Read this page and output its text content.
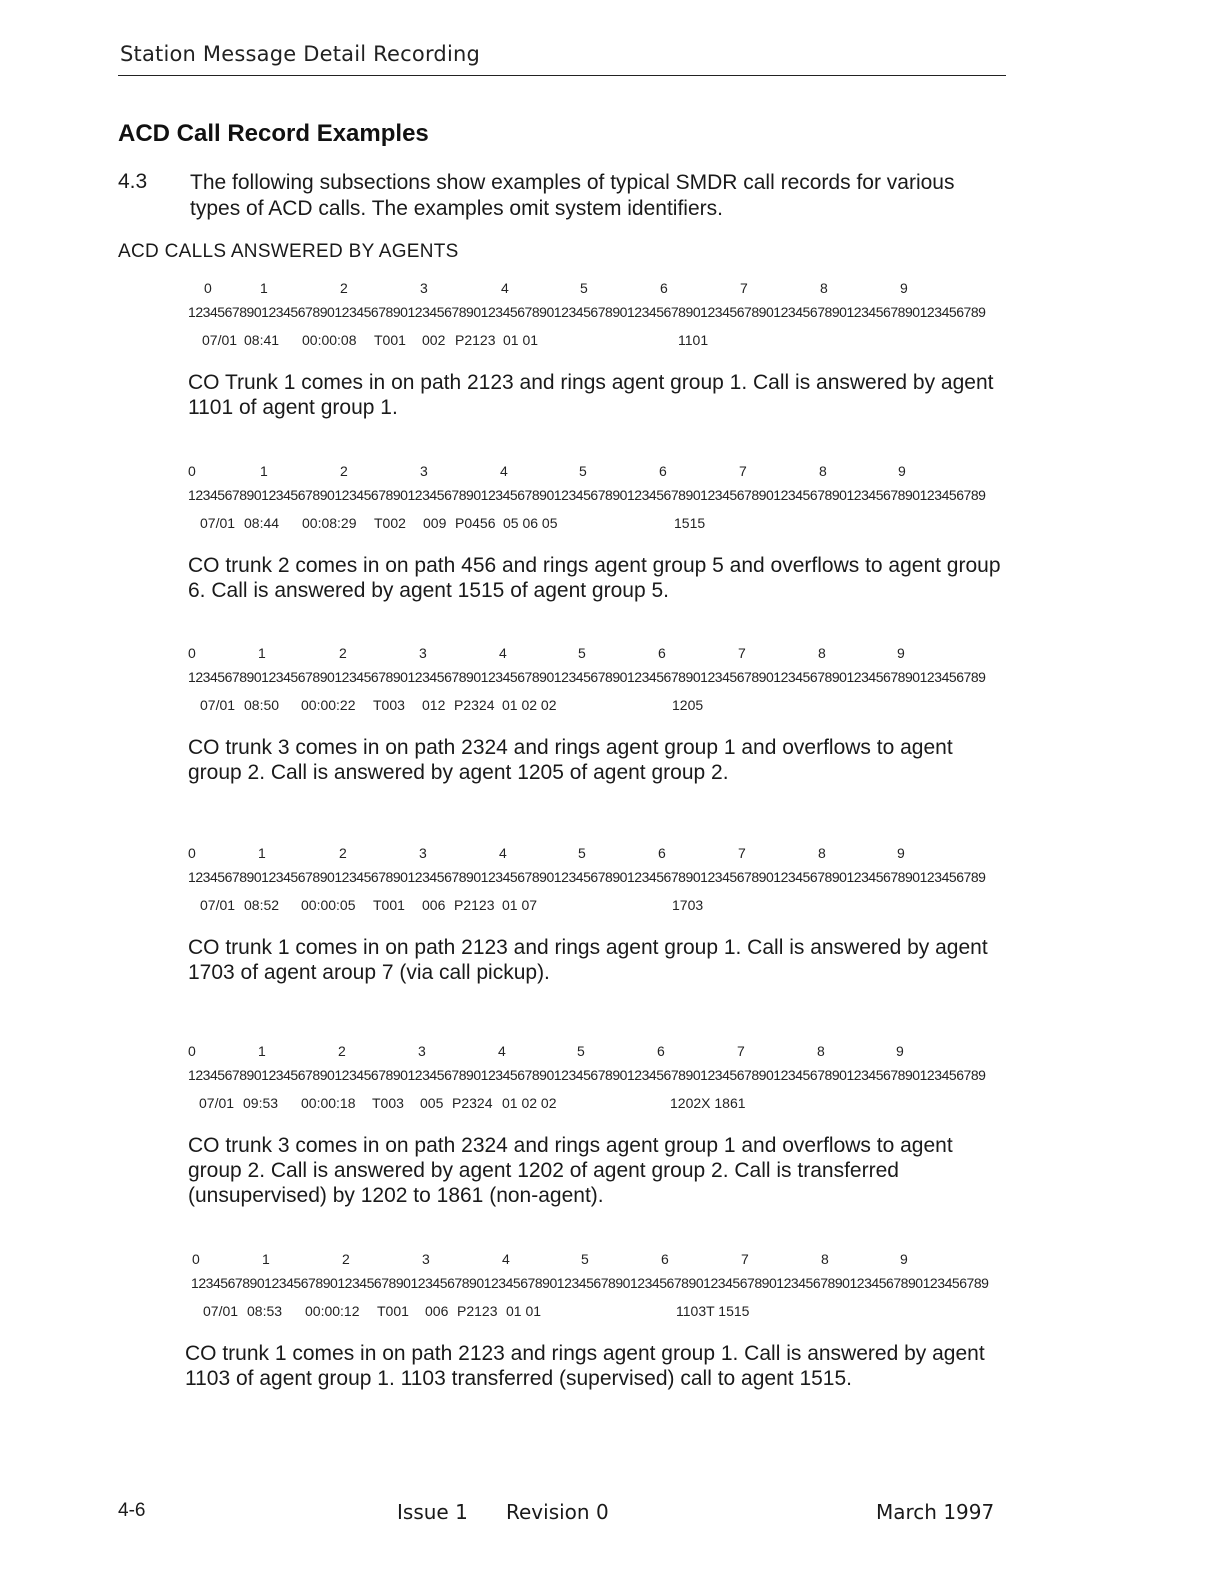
Station Message Detail Recording
ACD Call Record Examples
4.3 The following subsections show examples of typical SMDR call records for various types of ACD calls. The examples omit system identifiers.
ACD CALLS ANSWERED BY AGENTS
0	1	2	3	4	5	6	7	8	9
1234567890123456789012345678901234567890123456789012345678901234567890123456789012345678901234567890123456789
07/01 08:41 00:00:08 T001 002 P2123 01 01	1101
CO Trunk 1 comes in on path 2123 and rings agent group 1. Call is answered by agent 1101 of agent group 1.
0	1	2	3	4	5	6	7	8	9
1234567890123456789012345678901234567890123456789012345678901234567890123456789012345678901234567890123456789
07/01 08:44 00:08:29 T002 009 P0456 05 06 05	1515
CO trunk 2 comes in on path 456 and rings agent group 5 and overflows to agent group 6. Call is answered by agent 1515 of agent group 5.
0	1	2	3	4	5	6	7	8	9
1234567890123456789012345678901234567890123456789012345678901234567890123456789012345678901234567890123456789
07/01 08:50 00:00:22 T003 012 P2324 01 02 02	1205
CO trunk 3 comes in on path 2324 and rings agent group 1 and overflows to agent group 2. Call is answered by agent 1205 of agent group 2.
0	1	2	3	4	5	6	7	8	9
1234567890123456789012345678901234567890123456789012345678901234567890123456789012345678901234567890123456789
07/01 08:52 00:00:05 T001 006 P2123 01 07	1703
CO trunk 1 comes in on path 2123 and rings agent group 1. Call is answered by agent 1703 of agent aroup 7 (via call pickup).
0	1	2	3	4	5	6	7	8	9
1234567890123456789012345678901234567890123456789012345678901234567890123456789012345678901234567890123456789
07/01 09:53 00:00:18 T003 005 P2324 01 02 02	1202X 1861
CO trunk 3 comes in on path 2324 and rings agent group 1 and overflows to agent group 2. Call is answered by agent 1202 of agent group 2. Call is transferred (unsupervised) by 1202 to 1861 (non-agent).
0	1	2	3	4	5	6	7	8	9
1234567890123456789012345678901234567890123456789012345678901234567890123456789012345678901234567890123456789
07/01 08:53 00:00:12 T001 006 P2123 01 01	1103T 1515
CO trunk 1 comes in on path 2123 and rings agent group 1. Call is answered by agent 1103 of agent group 1. 1103 transferred (supervised) call to agent 1515.
4-6	Issue 1 Revision 0	March 1997
